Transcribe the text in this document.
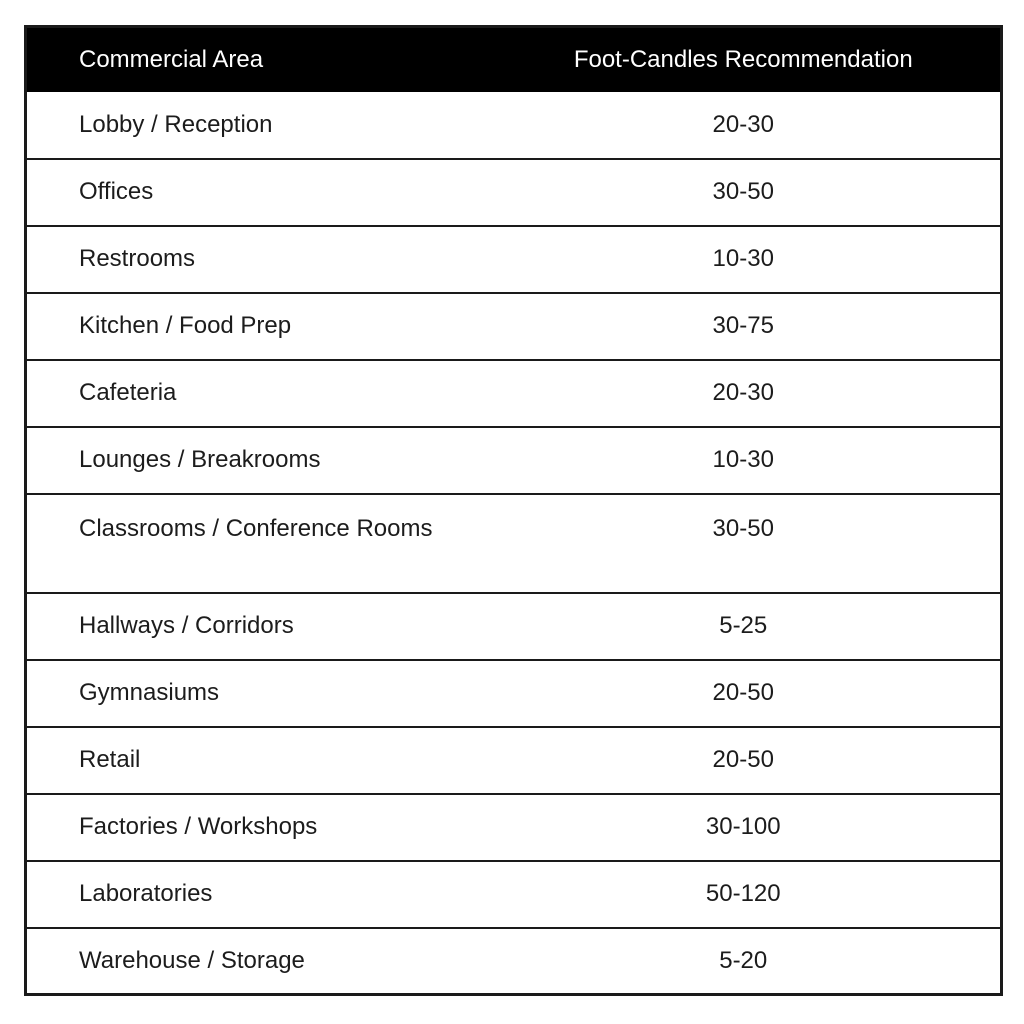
Commercial Area	Foot-Candles Recommendation
Lobby / Reception	20-30
Offices	30-50
Restrooms	10-30
Kitchen / Food Prep	30-75
Cafeteria	20-30
Lounges / Breakrooms	10-30
Classrooms / Conference Rooms	30-50
Hallways / Corridors	5-25
Gymnasiums	20-50
Retail	20-50
Factories / Workshops	30-100
Laboratories	50-120
Warehouse / Storage	5-20
